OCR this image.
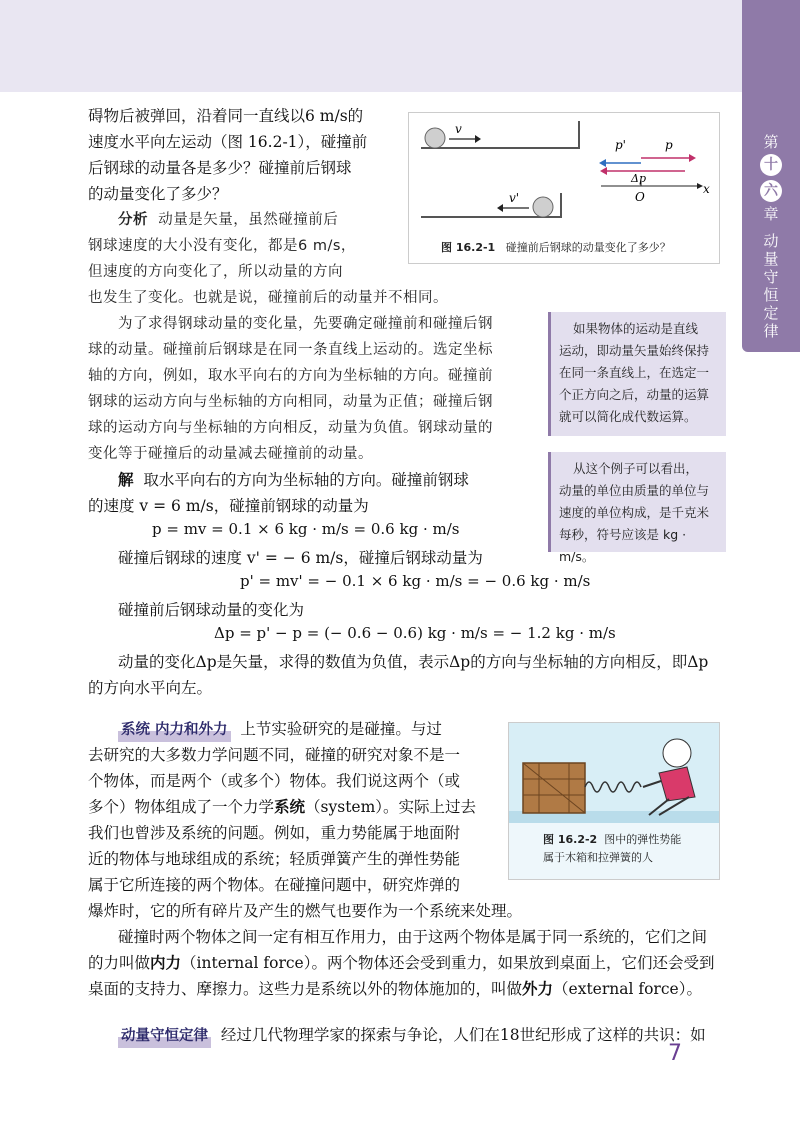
第
十
六
章
动量守恒定律
碍物后被弹回，沿着同一直线以6 m/s的
速度水平向左运动（图 16.2-1），碰撞前
后钢球的动量各是多少？碰撞前后钢球
的动量变化了多少？
分析 动量是矢量，虽然碰撞前后
钢球速度的大小没有变化，都是6 m/s，
但速度的方向变化了，所以动量的方向
也发生了变化。也就是说，碰撞前后的动量并不相同。
为了求得钢球动量的变化量，先要确定碰撞前和碰撞后钢
球的动量。碰撞前后钢球是在同一条直线上运动的。选定坐标
轴的方向，例如，取水平向右的方向为坐标轴的方向。碰撞前
钢球的运动方向与坐标轴的方向相同，动量为正值；碰撞后钢
球的运动方向与坐标轴的方向相反，动量为负值。钢球动量的
变化等于碰撞后的动量减去碰撞前的动量。
解 取水平向右的方向为坐标轴的方向。碰撞前钢球
的速度 v = 6 m/s，碰撞前钢球的动量为
p = mv = 0.1 × 6 kg · m/s = 0.6 kg · m/s
碰撞后钢球的速度 v' = − 6 m/s，碰撞后钢球动量为
p' = mv' = − 0.1 × 6 kg · m/s = − 0.6 kg · m/s
碰撞前后钢球动量的变化为
Δp = p' − p = (− 0.6 − 0.6) kg · m/s = − 1.2 kg · m/s
动量的变化Δp是矢量，求得的数值为负值，表示Δp的方向与坐标轴的方向相反，即Δp
的方向水平向左。
系统 内力和外力 上节实验研究的是碰撞。与过
去研究的大多数力学问题不同，碰撞的研究对象不是一
个物体，而是两个（或多个）物体。我们说这两个（或
多个）物体组成了一个力学系统（system）。实际上过去
我们也曾涉及系统的问题。例如，重力势能属于地面附
近的物体与地球组成的系统；轻质弹簧产生的弹性势能
属于它所连接的两个物体。在碰撞问题中，研究炸弹的
爆炸时，它的所有碎片及产生的燃气也要作为一个系统来处理。
碰撞时两个物体之间一定有相互作用力，由于这两个物体是属于同一系统的，它们之间
的力叫做内力（internal force）。两个物体还会受到重力，如果放到桌面上，它们还会受到
桌面的支持力、摩擦力。这些力是系统以外的物体施加的，叫做外力（external force）。
动量守恒定律 经过几代物理学家的探索与争论，人们在18世纪形成了这样的共识：如
v
v'
p'	p
Δp
O
x
图 16.2-1 碰撞前后钢球的动量变化了多少？
如果物体的运动是直线
运动，即动量矢量始终保持
在同一条直线上，在选定一
个正方向之后，动量的运算
就可以简化成代数运算。
从这个例子可以看出，
动量的单位由质量的单位与
速度的单位构成，是千克米
每秒，符号应该是 kg · m/s。
图 16.2-2 图中的弹性势能
属于木箱和拉弹簧的人
7
